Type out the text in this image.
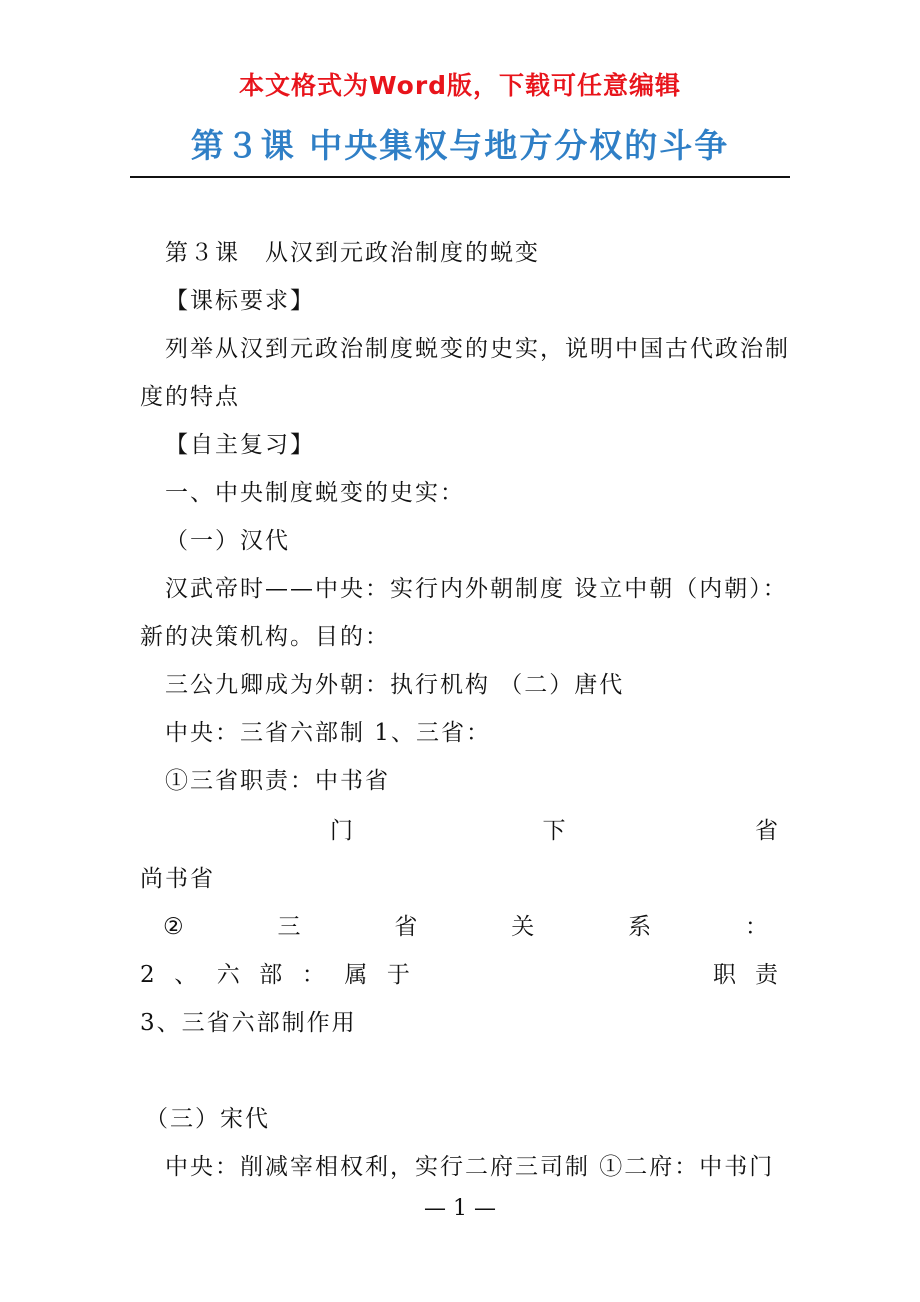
本文格式为Word版，下载可任意编辑
第３课 中央集权与地方分权的斗争
第３课　从汉到元政治制度的蜕变
【课标要求】
列举从汉到元政治制度蜕变的史实，说明中国古代政治制
度的特点
【自主复习】
一、中央制度蜕变的史实：
（一）汉代
汉武帝时——中央：实行内外朝制度 设立中朝（内朝）：
新的决策机构。目的：
三公九卿成为外朝：执行机构 （二）唐代
中央：三省六部制 1、三省：
①三省职责：中书省
门	下	省
尚书省
②	三	省	关	系	：
2 、 六 部 ： 属 于	职 责
3、三省六部制作用
（三）宋代
中央：削减宰相权利，实行二府三司制 ①二府：中书门
— 1 —
